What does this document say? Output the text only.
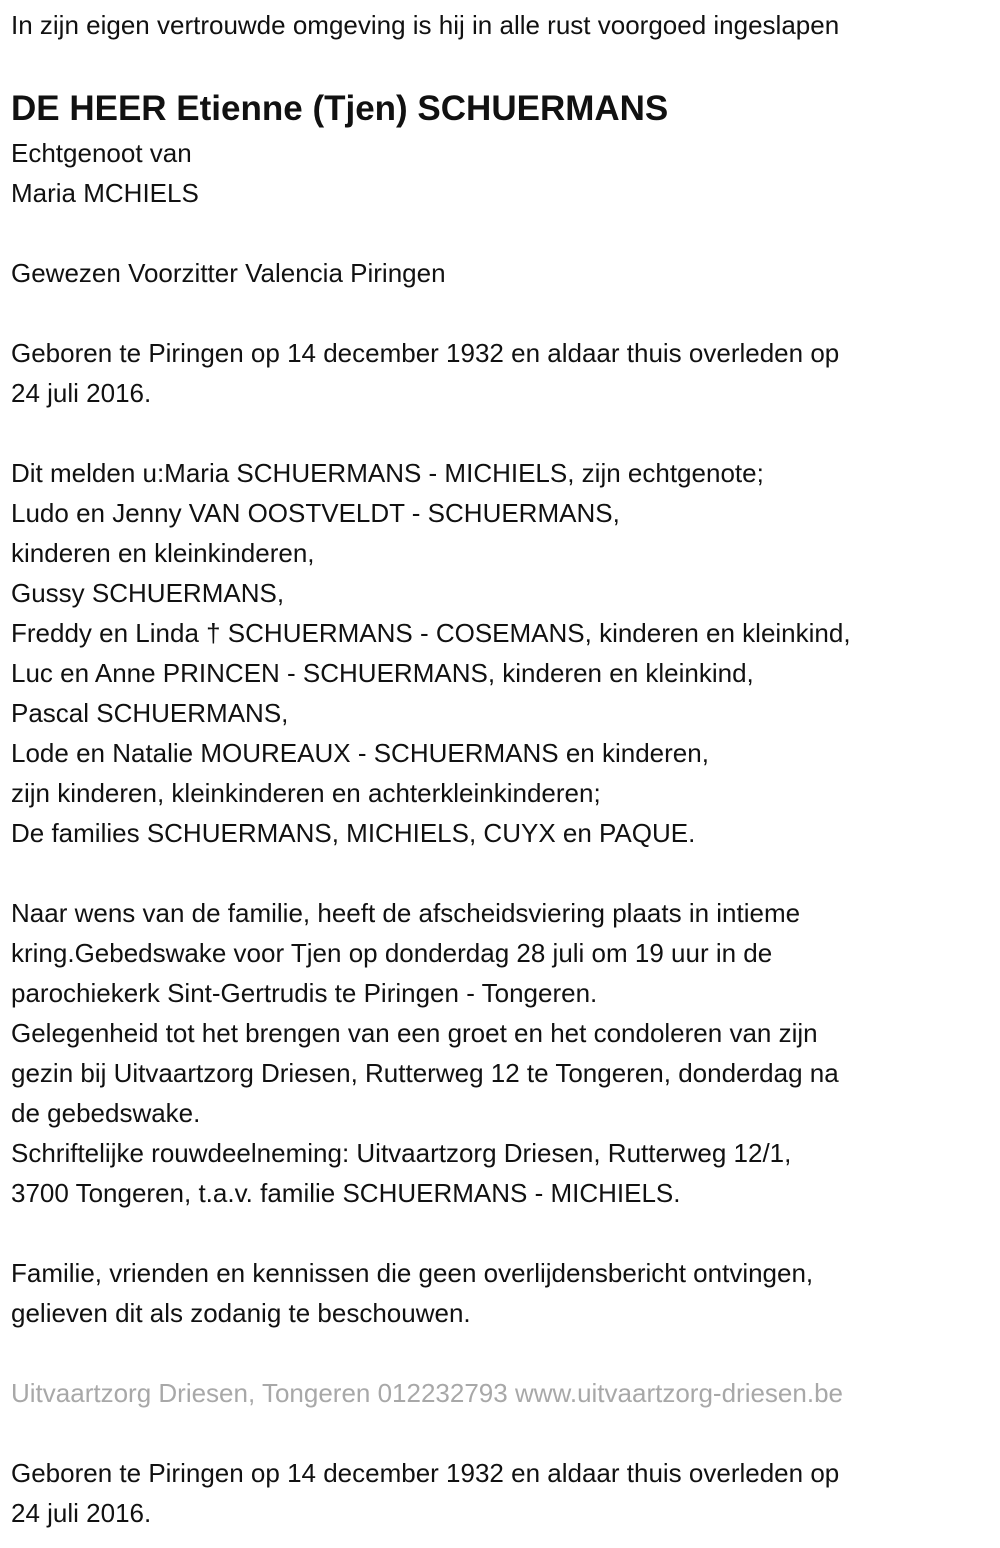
In zijn eigen vertrouwde omgeving is hij in alle rust voorgoed ingeslapen
DE HEER Etienne (Tjen) SCHUERMANS
Echtgenoot van
Maria MCHIELS
Gewezen Voorzitter Valencia Piringen
Geboren te Piringen op 14 december 1932 en aldaar thuis overleden op
24 juli 2016.
Dit melden u:Maria SCHUERMANS - MICHIELS, zijn echtgenote;
Ludo en Jenny VAN OOSTVELDT - SCHUERMANS,
kinderen en kleinkinderen,
Gussy SCHUERMANS,
Freddy en Linda † SCHUERMANS - COSEMANS, kinderen en kleinkind,
Luc en Anne PRINCEN - SCHUERMANS, kinderen en kleinkind,
Pascal SCHUERMANS,
Lode en Natalie MOUREAUX - SCHUERMANS en kinderen,
zijn kinderen, kleinkinderen en achterkleinkinderen;
De families SCHUERMANS, MICHIELS, CUYX en PAQUE.
Naar wens van de familie, heeft de afscheidsviering plaats in intieme
kring.Gebedswake voor Tjen op donderdag 28 juli om 19 uur in de
parochiekerk Sint-Gertrudis te Piringen - Tongeren.
Gelegenheid tot het brengen van een groet en het condoleren van zijn
gezin bij Uitvaartzorg Driesen, Rutterweg 12 te Tongeren, donderdag na
de gebedswake.
Schriftelijke rouwdeelneming: Uitvaartzorg Driesen, Rutterweg 12/1,
3700 Tongeren, t.a.v. familie SCHUERMANS - MICHIELS.
Familie, vrienden en kennissen die geen overlijdensbericht ontvingen,
gelieven dit als zodanig te beschouwen.
Uitvaartzorg Driesen, Tongeren 012232793 www.uitvaartzorg-driesen.be
Geboren te Piringen op 14 december 1932 en aldaar thuis overleden op
24 juli 2016.
